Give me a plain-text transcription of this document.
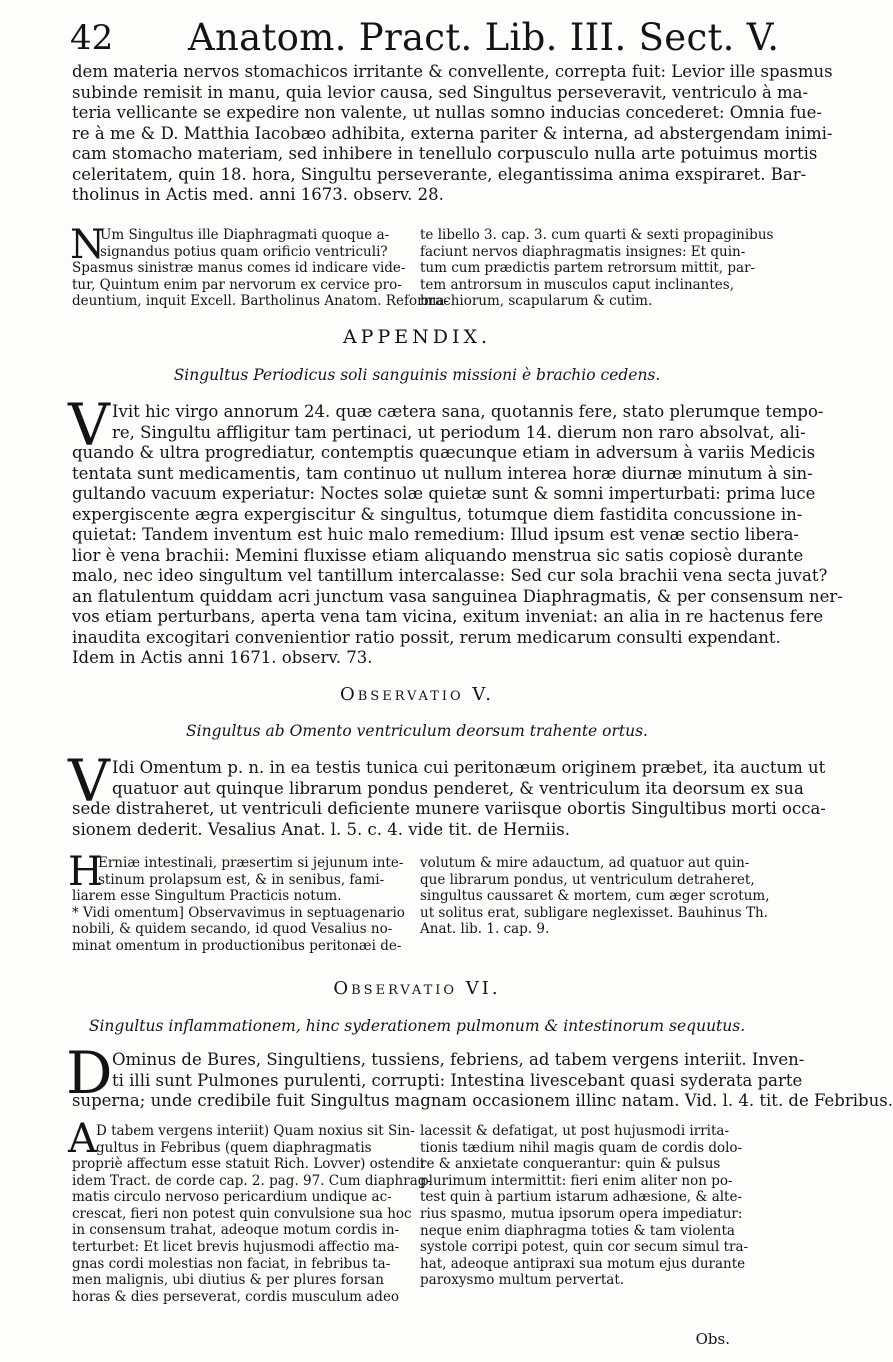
42 Anatom. Pract. Lib. III. Sect. V.
dem materia nervos stomachicos irritante & convellente, correpta fuit: Levior ille spasmus
subinde remisit in manu, quia levior causa, sed Singultus perseveravit, ventriculo à ma-
teria vellicante se expedire non valente, ut nullas somno inducias concederet: Omnia fue-
re à me & D. Matthia Iacobæo adhibita, externa pariter & interna, ad abstergendam inimi-
cam stomacho materiam, sed inhibere in tenellulo corpusculo nulla arte potuimus mortis
celeritatem, quin 18. hora, Singultu perseverante, elegantissima anima exspiraret. Bar-
tholinus in Actis med. anni 1673. observ. 28.
N
Um Singultus ille Diaphragmati quoque a-
signandus potius quam orificio ventriculi?
Spasmus sinistræ manus comes id indicare vide-
tur, Quintum enim par nervorum ex cervice pro-
deuntium, inquit Excell. Bartholinus Anatom. Reforma-
te libello 3. cap. 3. cum quarti & sexti propaginibus
faciunt nervos diaphragmatis insignes: Et quin-
tum cum prædictis partem retrorsum mittit, par-
tem antrorsum in musculos caput inclinantes,
brachiorum, scapularum & cutim.
APPENDIX.
Singultus Periodicus soli sanguinis missioni è brachio cedens.
V Ivit hic virgo annorum 24. quæ cætera sana, quotannis fere, stato plerumque tempo-
re, Singultu affligitur tam pertinaci, ut periodum 14. dierum non raro absolvat, ali-
quando & ultra progrediatur, contemptis quæcunque etiam in adversum à variis Medicis
tentata sunt medicamentis, tam continuo ut nullum interea horæ diurnæ minutum à sin-
gultando vacuum experiatur: Noctes solæ quietæ sunt & somni imperturbati: prima luce
expergiscente ægra expergiscitur & singultus, totumque diem fastidita concussione in-
quietat: Tandem inventum est huic malo remedium: Illud ipsum est venæ sectio libera-
lior è vena brachii: Memini fluxisse etiam aliquando menstrua sic satis copiosè durante
malo, nec ideo singultum vel tantillum intercalasse: Sed cur sola brachii vena secta juvat?
an flatulentum quiddam acri junctum vasa sanguinea Diaphragmatis, & per consensum ner-
vos etiam perturbans, aperta vena tam vicina, exitum inveniat: an alia in re hactenus fere
inaudita excogitari convenientior ratio possit, rerum medicarum consulti expendant.
Idem in Actis anni 1671. observ. 73.
Observatio V.
Singultus ab Omento ventriculum deorsum trahente ortus.
V Idi Omentum p. n. in ea testis tunica cui peritonæum originem præbet, ita auctum ut
quatuor aut quinque librarum pondus penderet, & ventriculum ita deorsum ex sua
sede distraheret, ut ventriculi deficiente munere variisque obortis Singultibus morti occa-
sionem dederit. Vesalius Anat. l. 5. c. 4. vide tit. de Herniis.
H
Erniæ intestinali, præsertim si jejunum inte-
stinum prolapsum est, & in senibus, fami-
liarem esse Singultum Practicis notum.
* Vidi omentum] Observavimus in septuagenario
nobili, & quidem secando, id quod Vesalius no-
minat omentum in productionibus peritonæi de-
volutum & mire adauctum, ad quatuor aut quin-
que librarum pondus, ut ventriculum detraheret,
singultus caussaret & mortem, cum æger scrotum,
ut solitus erat, subligare neglexisset. Bauhinus Th.
Anat. lib. 1. cap. 9.
Observatio VI.
Singultus inflammationem, hinc syderationem pulmonum & intestinorum sequutus.
D Ominus de Bures, Singultiens, tussiens, febriens, ad tabem vergens interiit. Inven-
ti illi sunt Pulmones purulenti, corrupti: Intestina livescebant quasi syderata parte
superna; unde credibile fuit Singultus magnam occasionem illinc natam. Vid. l. 4. tit. de Febribus.
A D tabem vergens interiit) Quam noxius sit Sin-
gultus in Febribus (quem diaphragmatis
propriè affectum esse statuit Rich. Lovver) ostendit
idem Tract. de corde cap. 2. pag. 97. Cum diaphrag-
matis circulo nervoso pericardium undique ac-
crescat, fieri non potest quin convulsione sua hoc
in consensum trahat, adeoque motum cordis in-
terturbet: Et licet brevis hujusmodi affectio ma-
gnas cordi molestias non faciat, in febribus ta-
men malignis, ubi diutius & per plures forsan
horas & dies perseverat, cordis musculum adeo
lacessit & defatigat, ut post hujusmodi irrita-
tionis tædium nihil magis quam de cordis dolo-
re & anxietate conquerantur: quin & pulsus
plurimum intermittit: fieri enim aliter non po-
test quin à partium istarum adhæsione, & alte-
rius spasmo, mutua ipsorum opera impediatur:
neque enim diaphragma toties & tam violenta
systole corripi potest, quin cor secum simul tra-
hat, adeoque antipraxi sua motum ejus durante
paroxysmo multum pervertat.
Obs.
